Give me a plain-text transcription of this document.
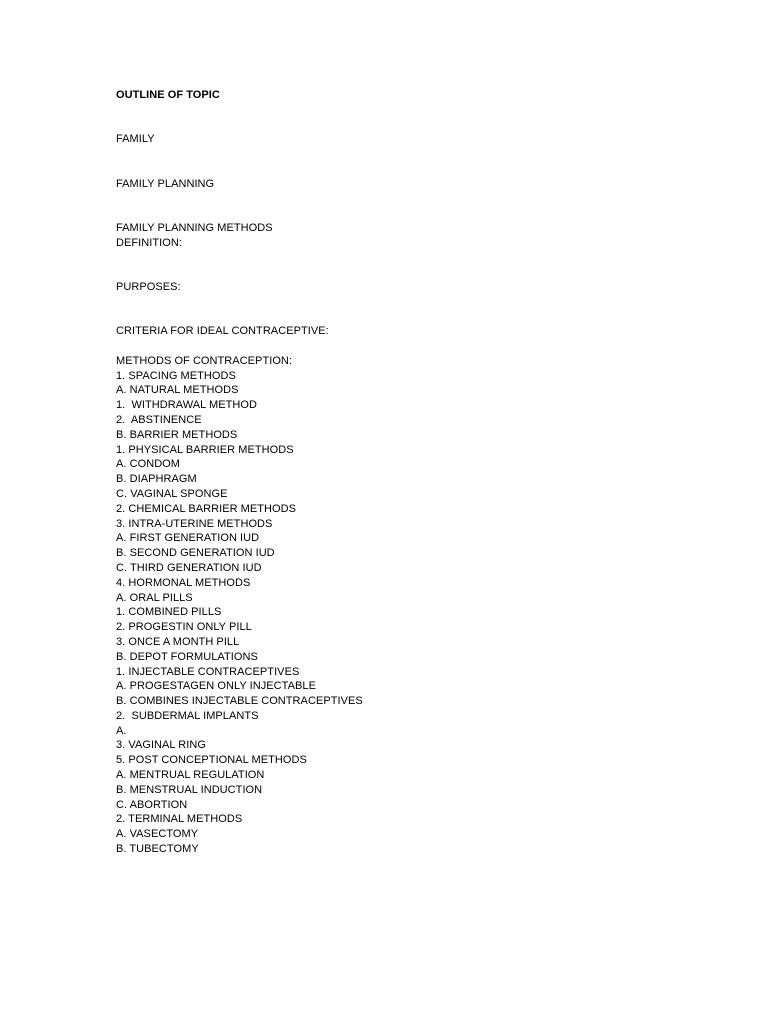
OUTLINE OF TOPIC
FAMILY
FAMILY PLANNING
FAMILY PLANNING METHODS
DEFINITION:
PURPOSES:
CRITERIA FOR IDEAL CONTRACEPTIVE:
METHODS OF CONTRACEPTION:
1. SPACING METHODS
A. NATURAL METHODS
1.  WITHDRAWAL METHOD
2.  ABSTINENCE
B. BARRIER METHODS
1. PHYSICAL BARRIER METHODS
A. CONDOM
B. DIAPHRAGM
C. VAGINAL SPONGE
2. CHEMICAL BARRIER METHODS
3. INTRA-UTERINE METHODS
A. FIRST GENERATION IUD
B. SECOND GENERATION IUD
C. THIRD GENERATION IUD
4. HORMONAL METHODS
A. ORAL PILLS
1. COMBINED PILLS
2. PROGESTIN ONLY PILL
3. ONCE A MONTH PILL
B. DEPOT FORMULATIONS
1. INJECTABLE CONTRACEPTIVES
A. PROGESTAGEN ONLY INJECTABLE
B. COMBINES INJECTABLE CONTRACEPTIVES
2.  SUBDERMAL IMPLANTS
A.
3. VAGINAL RING
5. POST CONCEPTIONAL METHODS
A. MENTRUAL REGULATION
B. MENSTRUAL INDUCTION
C. ABORTION
2. TERMINAL METHODS
A. VASECTOMY
B. TUBECTOMY
